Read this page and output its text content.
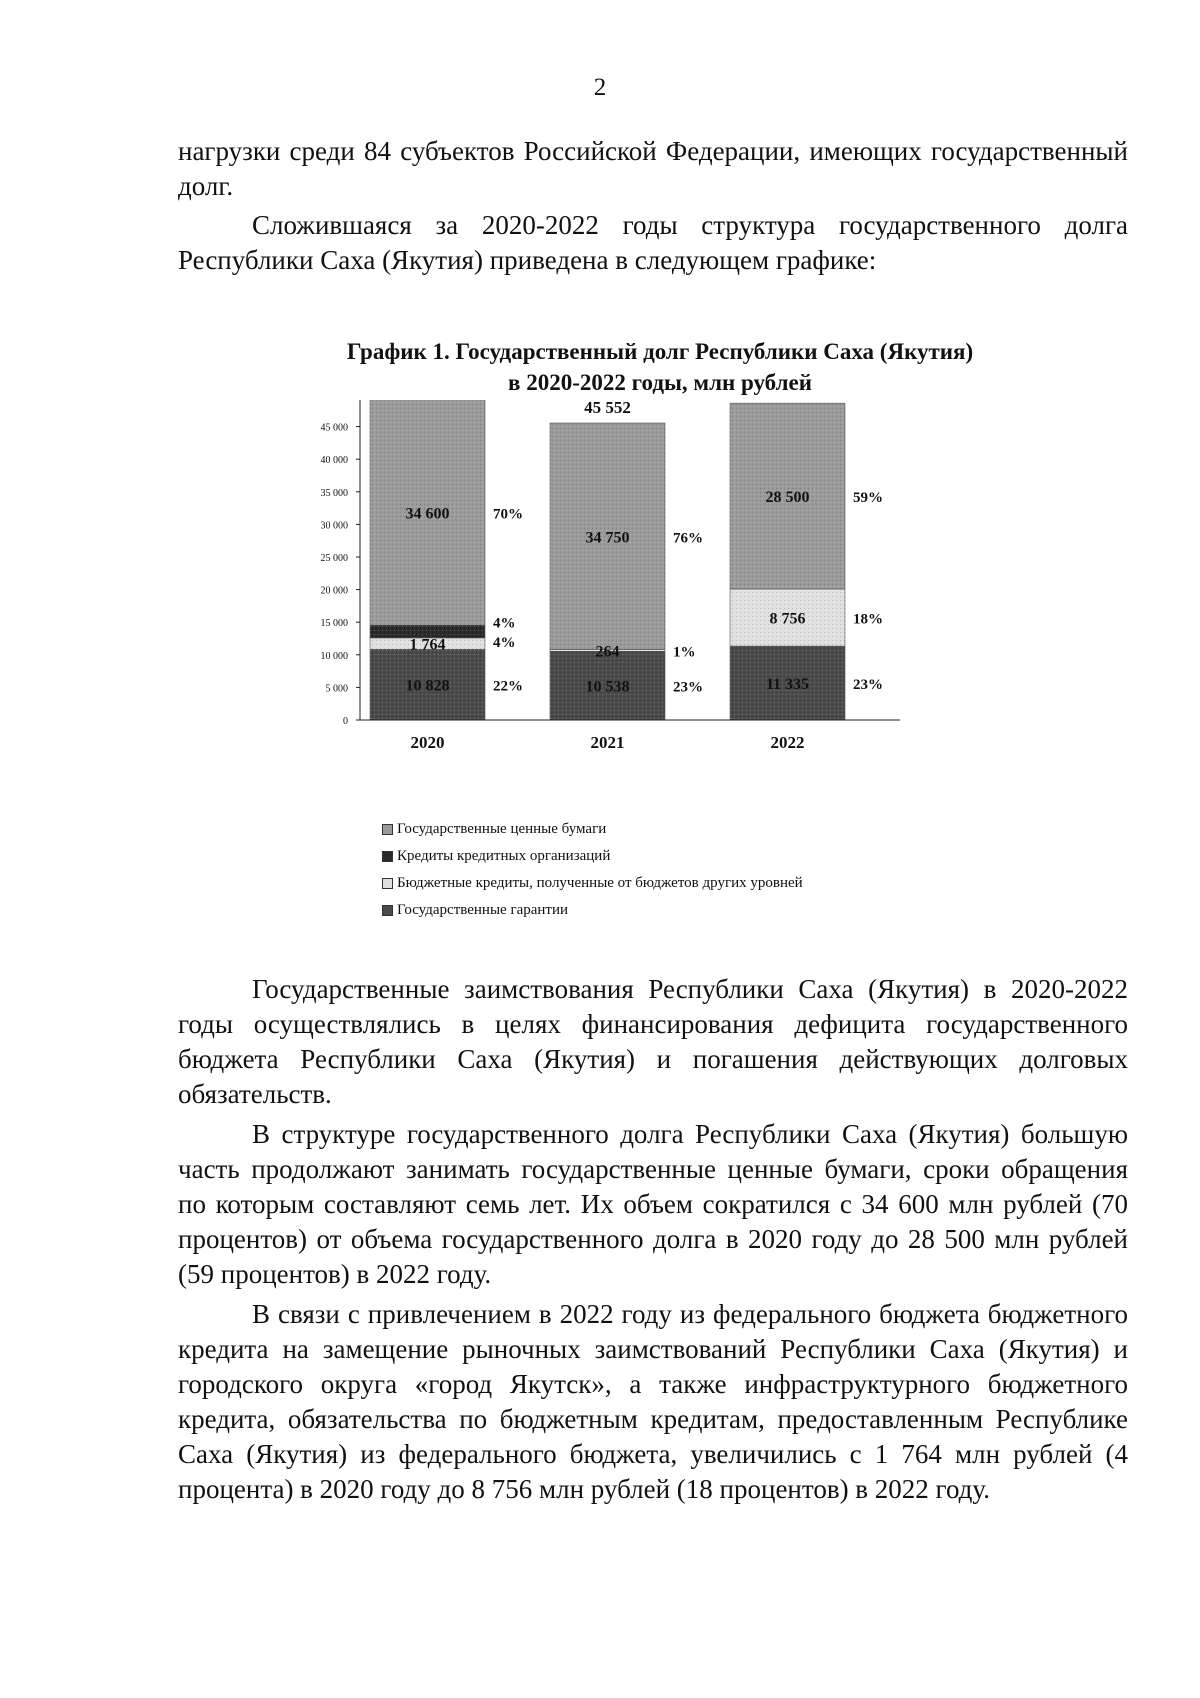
2
нагрузки среди 84 субъектов Российской Федерации, имеющих государственный долг.
Сложившаяся за 2020-2022 годы структура государственного долга Республики Саха (Якутия) приведена в следующем графике:
График 1. Государственный долг Республики Саха (Якутия)
в 2020-2022 годы, млн рублей
0
5 000
10 000
15 000
20 000
25 000
30 000
35 000
40 000
45 000
10 828	22%
1 764	4%
4%
34 600	70%
10 538	23%
264	1%
34 750	76%
45 552
11 335	23%
8 756	18%
28 500	59%
2020	2021	2022
Государственные ценные бумаги
Кредиты кредитных организаций
Бюджетные кредиты, полученные от бюджетов других уровней
Государственные гарантии
Государственные заимствования Республики Саха (Якутия) в 2020-2022 годы осуществлялись в целях финансирования дефицита государственного бюджета Республики Саха (Якутия) и погашения действующих долговых обязательств.
В структуре государственного долга Республики Саха (Якутия) большую часть продолжают занимать государственные ценные бумаги, сроки обращения по которым составляют семь лет. Их объем сократился с 34 600 млн рублей (70 процентов) от объема государственного долга в 2020 году до 28 500 млн рублей (59 процентов) в 2022 году.
В связи с привлечением в 2022 году из федерального бюджета бюджетного кредита на замещение рыночных заимствований Республики Саха (Якутия) и городского округа «город Якутск», а также инфраструктурного бюджетного кредита, обязательства по бюджетным кредитам, предоставленным Республике Саха (Якутия) из федерального бюджета, увеличились с 1 764 млн рублей (4 процента) в 2020 году до 8 756 млн рублей (18 процентов) в 2022 году.
